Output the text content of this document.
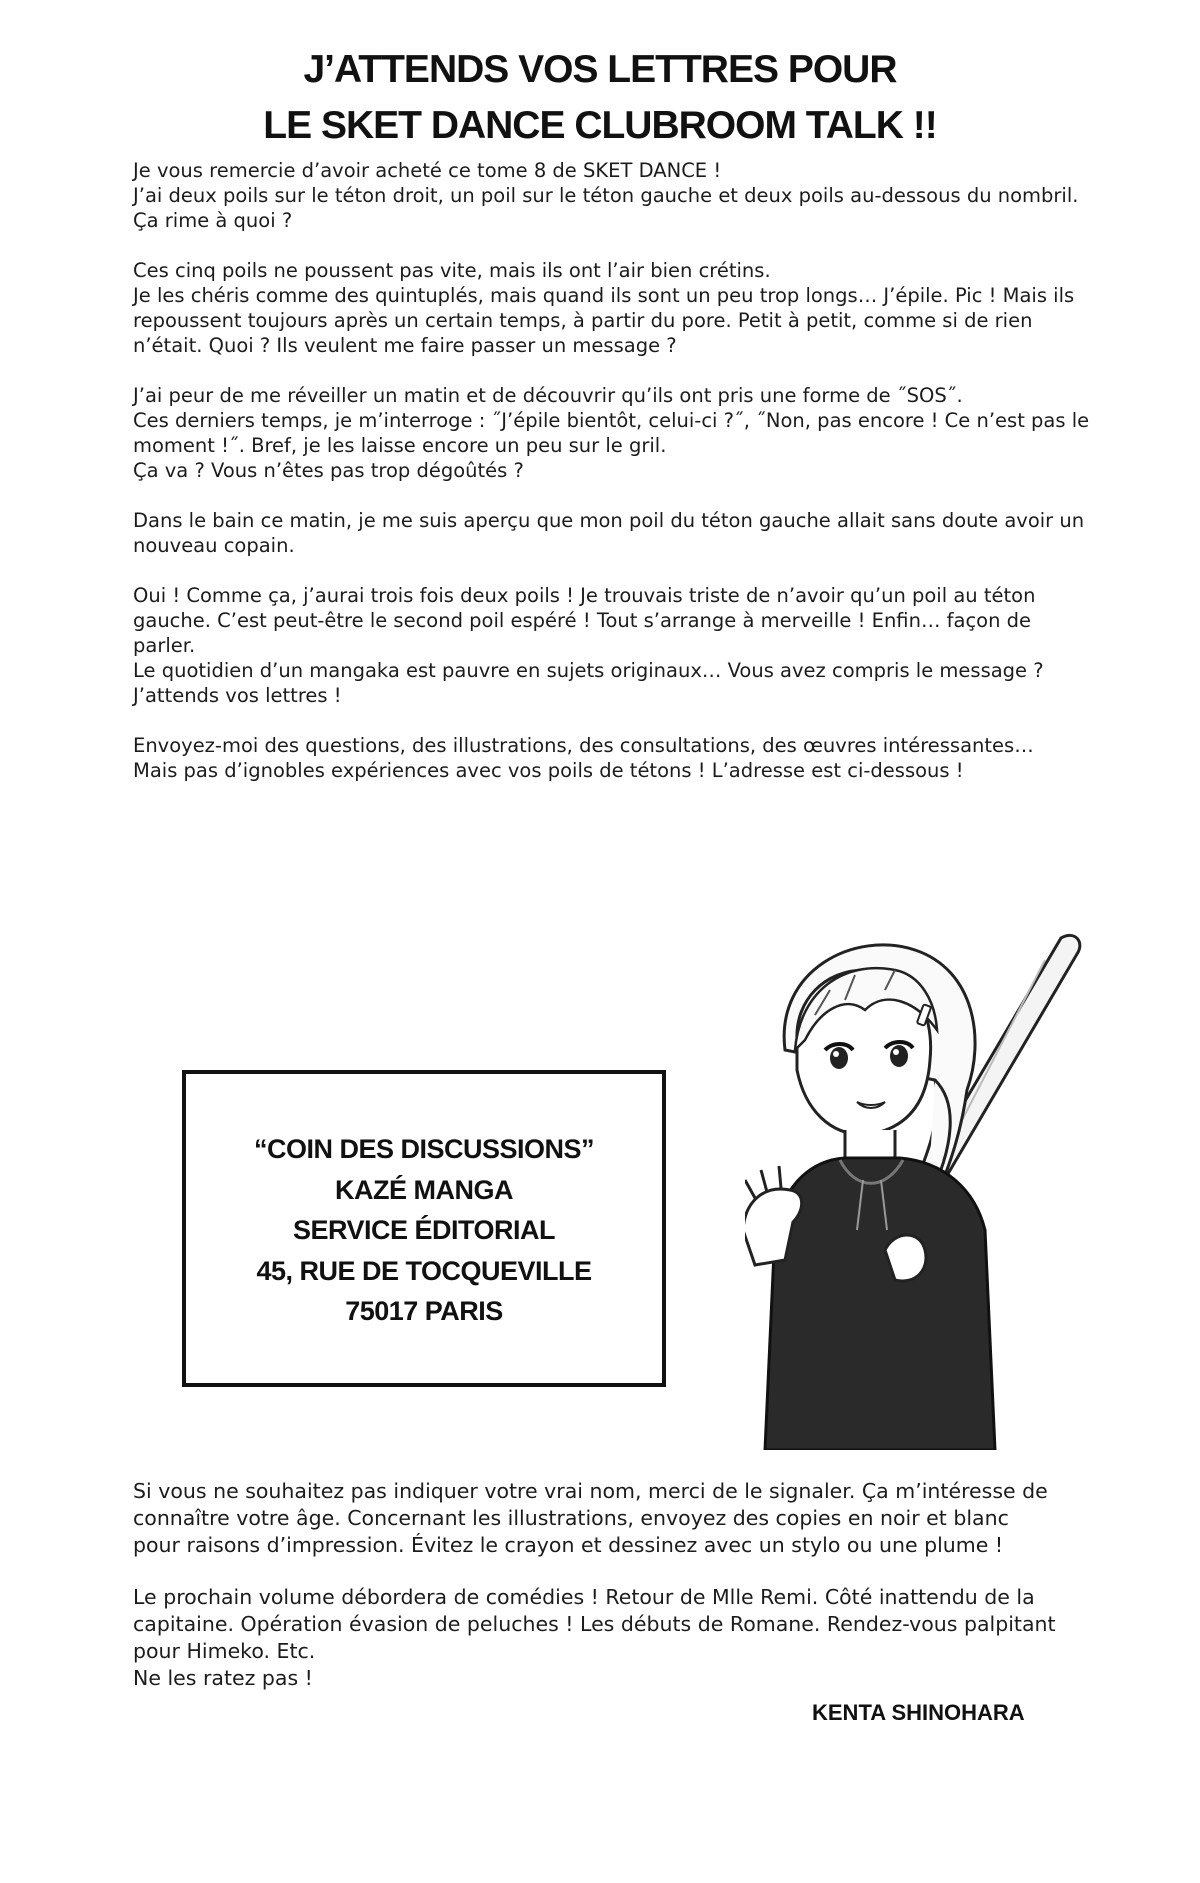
J’ATTENDS VOS LETTRES POUR
LE SKET DANCE CLUBROOM TALK !!
Je vous remercie d’avoir acheté ce tome 8 de SKET DANCE !
J’ai deux poils sur le téton droit, un poil sur le téton gauche et deux poils au-dessous du nombril.
Ça rime à quoi ?
Ces cinq poils ne poussent pas vite, mais ils ont l’air bien crétins.
Je les chéris comme des quintuplés, mais quand ils sont un peu trop longs… J’épile. Pic ! Mais ils
repoussent toujours après un certain temps, à partir du pore. Petit à petit, comme si de rien
n’était. Quoi ? Ils veulent me faire passer un message ?
J’ai peur de me réveiller un matin et de découvrir qu’ils ont pris une forme de ˝SOS˝.
Ces derniers temps, je m’interroge : ˝J’épile bientôt, celui-ci ?˝, ˝Non, pas encore ! Ce n’est pas le
moment !˝. Bref, je les laisse encore un peu sur le gril.
Ça va ? Vous n’êtes pas trop dégoûtés ?
Dans le bain ce matin, je me suis aperçu que mon poil du téton gauche allait sans doute avoir un
nouveau copain.
Oui ! Comme ça, j’aurai trois fois deux poils ! Je trouvais triste de n’avoir qu’un poil au téton
gauche. C’est peut-être le second poil espéré ! Tout s’arrange à merveille ! Enfin… façon de
parler.
Le quotidien d’un mangaka est pauvre en sujets originaux… Vous avez compris le message ?
J’attends vos lettres !
Envoyez-moi des questions, des illustrations, des consultations, des œuvres intéressantes…
Mais pas d’ignobles expériences avec vos poils de tétons ! L’adresse est ci-dessous !
“COIN DES DISCUSSIONS”
KAZÉ MANGA
SERVICE ÉDITORIAL
45, RUE DE TOCQUEVILLE
75017 PARIS
Si vous ne souhaitez pas indiquer votre vrai nom, merci de le signaler. Ça m’intéresse de
connaître votre âge. Concernant les illustrations, envoyez des copies en noir et blanc
pour raisons d’impression. Évitez le crayon et dessinez avec un stylo ou une plume !
Le prochain volume débordera de comédies ! Retour de Mlle Remi. Côté inattendu de la
capitaine. Opération évasion de peluches ! Les débuts de Romane. Rendez-vous palpitant
pour Himeko. Etc.
Ne les ratez pas !
KENTA SHINOHARA
